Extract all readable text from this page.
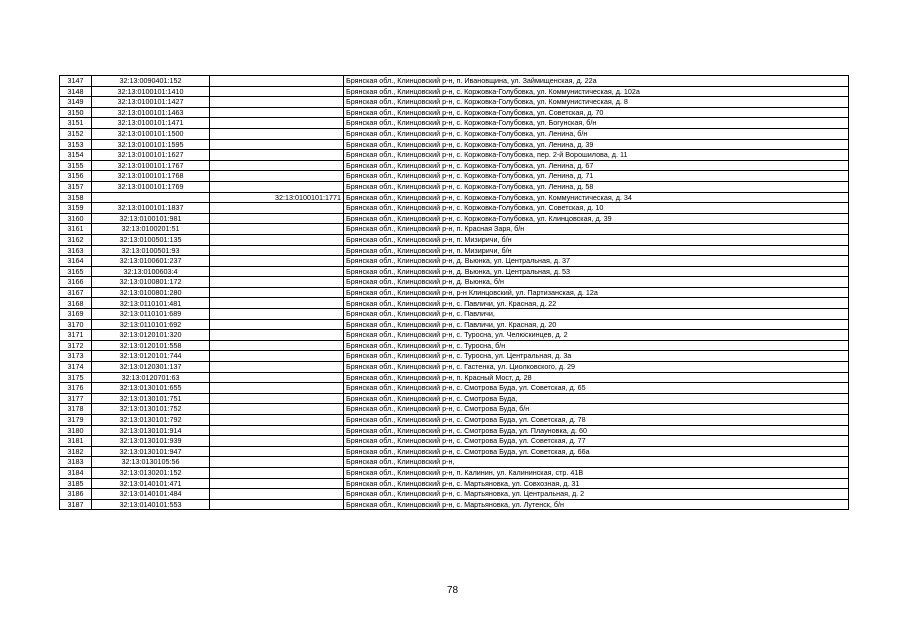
3147	32:13:0090401:152		Брянская обл., Клинцовский р-н, п. Ивановщина, ул. Займищенская, д. 22а
3148	32:13:0100101:1410		Брянская обл., Клинцовский р-н, с. Коржовка-Голубовка, ул. Коммунистическая, д. 102а
3149	32:13:0100101:1427		Брянская обл., Клинцовский р-н, с. Коржовка-Голубовка, ул. Коммунистическая, д. 8
3150	32:13:0100101:1463		Брянская обл., Клинцовский р-н, с. Коржовка-Голубовка, ул. Советская, д. 70
3151	32:13:0100101:1471		Брянская обл., Клинцовский р-н, с. Коржовка-Голубовка, ул. Богунская, б/н
3152	32:13:0100101:1500		Брянская обл., Клинцовский р-н, с. Коржовка-Голубовка, ул. Ленина, б/н
3153	32:13:0100101:1595		Брянская обл., Клинцовский р-н, с. Коржовка-Голубовка, ул. Ленина, д. 39
3154	32:13:0100101:1627		Брянская обл., Клинцовский р-н, с. Коржовка-Голубовка, пер. 2-й Ворошилова, д. 11
3155	32:13:0100101:1767		Брянская обл., Клинцовский р-н, с. Коржовка-Голубовка, ул. Ленина, д. 67
3156	32:13:0100101:1768		Брянская обл., Клинцовский р-н, с. Коржовка-Голубовка, ул. Ленина, д. 71
3157	32:13:0100101:1769		Брянская обл., Клинцовский р-н, с. Коржовка-Голубовка, ул. Ленина, д. 58
3158		32:13:0100101:1771	Брянская обл., Клинцовский р-н, с. Коржовка-Голубовка, ул. Коммунистическая, д. 34
3159	32:13:0100101:1837		Брянская обл., Клинцовский р-н, с. Коржовка-Голубовка, ул. Советская, д. 10
3160	32:13:0100101:981		Брянская обл., Клинцовский р-н, с. Коржовка-Голубовка, ул. Клинцовская, д. 39
3161	32:13:0100201:51		Брянская обл., Клинцовский р-н, п. Красная Заря, б/н
3162	32:13:0100501:135		Брянская обл., Клинцовский р-н, п. Мизиричи, б/н
3163	32:13:0100501:93		Брянская обл., Клинцовский р-н, п. Мизиричи, б/н
3164	32:13:0100601:237		Брянская обл., Клинцовский р-н, д. Вьюнка, ул. Центральная, д. 37
3165	32:13:0100603:4		Брянская обл., Клинцовский р-н, д. Вьюнка, ул. Центральная, д. 53
3166	32:13:0100801:172		Брянская обл., Клинцовский р-н, д. Вьюнка, б/н
3167	32:13:0100801:280		Брянская обл., Клинцовский р-н, р-н Клинцовский, ул. Партизанская, д. 12а
3168	32:13:0110101:481		Брянская обл., Клинцовский р-н, с. Павличи, ул. Красная, д. 22
3169	32:13:0110101:689		Брянская обл., Клинцовский р-н, с. Павличи,
3170	32:13:0110101:692		Брянская обл., Клинцовский р-н, с. Павличи, ул. Красная, д. 20
3171	32:13:0120101:320		Брянская обл., Клинцовский р-н, с. Туросна, ул. Челюскинцев, д. 2
3172	32:13:0120101:558		Брянская обл., Клинцовский р-н, с. Туросна, б/н
3173	32:13:0120101:744		Брянская обл., Клинцовский р-н, с. Туросна, ул. Центральная, д. 3а
3174	32:13:0120301:137		Брянская обл., Клинцовский р-н, с. Гастенка, ул. Циолковского, д. 29
3175	32:13:0120701:63		Брянская обл., Клинцовский р-н, п. Красный Мост, д. 28
3176	32:13:0130101:655		Брянская обл., Клинцовский р-н, с. Смотрова Буда, ул. Советская, д. 65
3177	32:13:0130101:751		Брянская обл., Клинцовский р-н, с. Смотрова Буда,
3178	32:13:0130101:752		Брянская обл., Клинцовский р-н, с. Смотрова Буда, б/н
3179	32:13:0130101:792		Брянская обл., Клинцовский р-н, с. Смотрова Буда, ул. Советская, д. 78
3180	32:13:0130101:914		Брянская обл., Клинцовский р-н, с. Смотрова Буда, ул. Плауновка, д. 60
3181	32:13:0130101:939		Брянская обл., Клинцовский р-н, с. Смотрова Буда, ул. Советская, д. 77
3182	32:13:0130101:947		Брянская обл., Клинцовский р-н, с. Смотрова Буда, ул. Советская, д. 66а
3183	32:13:0130105:56		Брянская обл., Клинцовский р-н,
3184	32:13:0130201:152		Брянская обл., Клинцовский р-н, п. Калинин, ул. Калининская, стр. 41В
3185	32:13:0140101:471		Брянская обл., Клинцовский р-н, с. Мартьяновка, ул. Совхозная, д. 31
3186	32:13:0140101:484		Брянская обл., Клинцовский р-н, с. Мартьяновка, ул. Центральная, д. 2
3187	32:13:0140101:553		Брянская обл., Клинцовский р-н, с. Мартьяновка, ул. Лутенск, б/н
78
